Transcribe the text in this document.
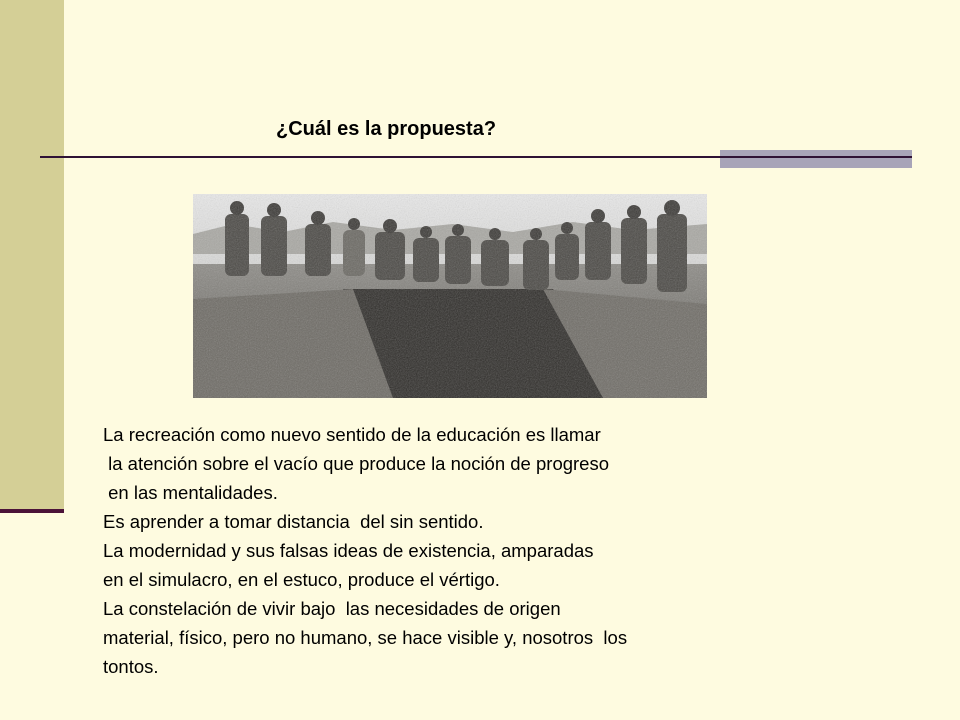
¿Cuál es la propuesta?
La recreación como nuevo sentido de la educación es llamar
la atención sobre el vacío que produce la noción de progreso
en las mentalidades.
Es aprender a tomar distancia  del sin sentido.
La modernidad y sus falsas ideas de existencia, amparadas
en el simulacro, en el estuco, produce el vértigo.
La constelación de vivir bajo  las necesidades de origen
material, físico, pero no humano, se hace visible y, nosotros  los
tontos.
